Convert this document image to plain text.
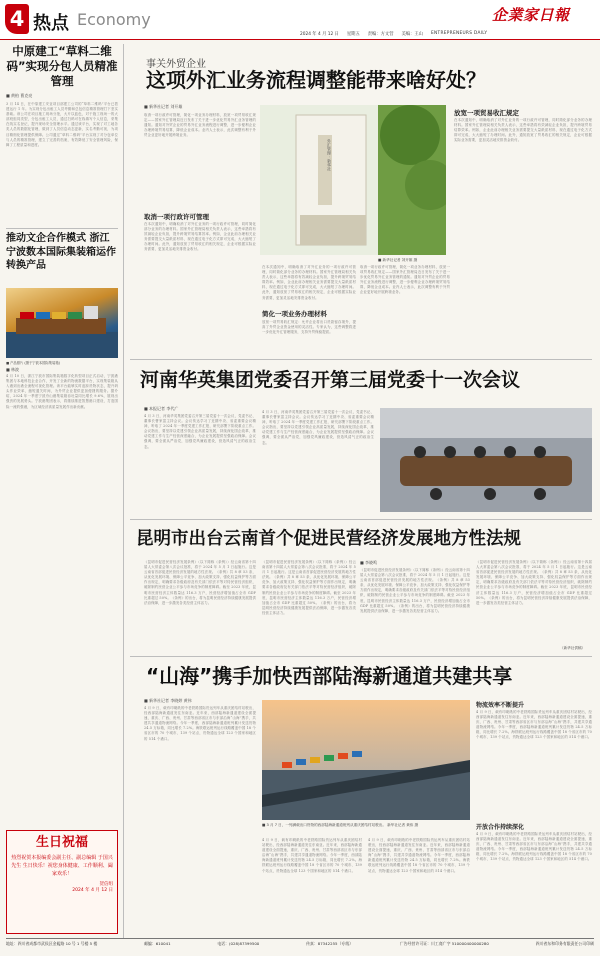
4 热点 Economy	企業家日報
2024 年 4 月 12 日 星期五 责编：方文营 美编：王山 ENTREPRENEURS DAILY
中原建工“草料二维码”实现分包人员精准管理
■ 黄柏 曹克亮
3 月 14 日，在中原建工安亚项目部建工公司的“草料二维码”平台已搭建运行 1 年。为实现分包出租工人员考勤和总包信息精准管理打下坚实基础。该公司在项目施工现场分批，大片以蓝色，对于施工现场一的大部班组同类型，分包出租工人员，通过扫码可在线填写个人信息，采集在线实名登记，提升现场安全管理水平。通过该平台，实现了对工地各类人员的数据化管理，做到了人员信息动态更新，实名考勤可视，为项目精细化管理提供保障。公司通过“草料二维码”平台实现了对分包单位与人员的精准管理，建立了完善的档案，有效降低了安全管理风险，保障了工程质量和进度。
推动文企合作模式 浙江宁波数本国际集装箱运作转换产品
■ 产品照片 (摄于宁波本国际集装箱)
■ 林波
4 月 10 日，浙江宁波市国际集装箱数字化转型项目正式启动，宁波港集团与本地科技企业合作，开发了全新的物流数据平台，实现集装箱从入港到出港全流程可视化管理。该平台能够实时追踪货物状态，提升码头作业效率，缩短通关时间，为外贸企业提供更加便捷的服务。据介绍，2024 年一季度宁波舟山港集装箱吞吐量同比增长 9.6%，展现出强劲的发展势头。宁波港集团表示，将继续推进智慧港口建设，打造国际一流的强港，为区域经济高质量发展作出新贡献。
生日祝福
热烈祝贺本报编委会副主任、副总编辑 于国兴 先生 生日快乐！祝您身体健康、工作顺利、阖家欢乐！
贺信组
2024 年 4 月 12 日
事关外贸企业
这项外汇业务流程调整能带来啥好处？
■ 新华社记者 刘开雄
取消一项行政许可管理，简化一项业务办理材料，放宽一项贸易收汇规定——国家外汇管理局近日发布了关于进一步优化贸易外汇业务管理的通知。通知对外贸企业的贸易外汇业务流程进行调整，进一步便利企业办理跨境贸易结算，降低企业成本。业内人士表示，此次调整有利于外贸企业更好地开展跨境业务。
取消一项行政许可管理
在本次通知中，明确取消了对外汇业务的一项行政许可管理，同时简化部分业务的办理材料。国家外汇管理局相关负责人表示，这些举措将有效减轻企业负担，提升跨境贸易结算效率。例如，企业此前办理相关业务需要提交大量纸质材料，现在通过电子化方式即可完成，大大缩短了办理时间。此外，通知放宽了贸易收汇的相关规定，企业可根据实际业务需要，更加灵活地安排资金收付。
外汇管理 · 新华社
■ 新华社记者 刘开雄 摄
在本次通知中，明确取消了对外汇业务的一项行政许可管理，同时简化部分业务的办理材料。国家外汇管理局相关负责人表示，这些举措将有效减轻企业负担，提升跨境贸易结算效率。例如，企业此前办理相关业务需要提交大量纸质材料，现在通过电子化方式即可完成，大大缩短了办理时间。此外，通知放宽了贸易收汇的相关规定，企业可根据实际业务需要，更加灵活地安排资金收付。
简化一项业务办理材料
放宽一项贸易收汇规定：允许企业将出口货款留存境外，提高了外贸企业资金使用的灵活性。专家认为，这些调整将进一步优化外汇管理服务，支持外贸保稳提质。
取消一项行政许可管理，简化一项业务办理材料，放宽一项贸易收汇规定——国家外汇管理局近日发布了关于进一步优化贸易外汇业务管理的通知。通知对外贸企业的贸易外汇业务流程进行调整，进一步便利企业办理跨境贸易结算，降低企业成本。业内人士表示，此次调整有利于外贸企业更好地开展跨境业务。
放宽一项贸易收汇规定
在本次通知中，明确取消了对外汇业务的一项行政许可管理，同时简化部分业务的办理材料。国家外汇管理局相关负责人表示，这些举措将有效减轻企业负担，提升跨境贸易结算效率。例如，企业此前办理相关业务需要提交大量纸质材料，现在通过电子化方式即可完成，大大缩短了办理时间。此外，通知放宽了贸易收汇的相关规定，企业可根据实际业务需要，更加灵活地安排资金收付。
河南华英集团党委召开第三届党委十一次会议
■ 本报记者 李代广
4 月 3 日，河南华英集团党委召开第三届党委十一次会议，党委书记、董事长曹家富主持会议。会议传达学习了近期中央、省委重要会议精神，听取了 2024 年一季度党建工作汇报，研究部署下阶段重点工作。会议指出，要坚持以党建引领企业高质量发展，持续深化国企改革，推动党建工作与生产经营深度融合，为企业发展提供坚强政治保障。会议强调，要全面从严治党，加强党风廉政建设，营造风清气正的政治生态。
4 月 3 日，河南华英集团党委召开第三届党委十一次会议，党委书记、董事长曹家富主持会议。会议传达学习了近期中央、省委重要会议精神，听取了 2024 年一季度党建工作汇报，研究部署下阶段重点工作。会议指出，要坚持以党建引领企业高质量发展，持续深化国企改革，推动党建工作与生产经营深度融合，为企业发展提供坚强政治保障。会议强调，要全面从严治党，加强党风廉政建设，营造风清气正的政治生态。
昆明市出台云南首个促进民营经济发展地方性法规
《昆明市促进民营经济发展条例》（以下简称《条例》）经云南省第十四届人大常委会第八次会议批准，将于 2024 年 5 月 1 日起施行。这是云南省首部促进民营经济发展的地方性法规。《条例》共 8 章 53 条，从优化发展环境、保障公平竞争、加大政策支持、强化权益保护等方面作出规定，明确要求各级政府及有关部门依法平等对待民营经济组织，破除制约民营企业公平参与市场竞争的制度障碍。截至 2023 年底，昆明市民营经济主体数量达 116.3 万户，民营经济增加值占全市 GDP 比重超过 50%。《条例》的出台，将为昆明民营经济持续健康发展提供法治保障，进一步激发各类经营主体活力。
《昆明市促进民营经济发展条例》（以下简称《条例》）经云南省第十四届人大常委会第八次会议批准，将于 2024 年 5 月 1 日起施行。这是云南省首部促进民营经济发展的地方性法规。《条例》共 8 章 53 条，从优化发展环境、保障公平竞争、加大政策支持、强化权益保护等方面作出规定，明确要求各级政府及有关部门依法平等对待民营经济组织，破除制约民营企业公平参与市场竞争的制度障碍。截至 2023 年底，昆明市民营经济主体数量达 116.3 万户，民营经济增加值占全市 GDP 比重超过 50%。《条例》的出台，将为昆明民营经济持续健康发展提供法治保障，进一步激发各类经营主体活力。
■ 李晓鸣
《昆明市促进民营经济发展条例》（以下简称《条例》）经云南省第十四届人大常委会第八次会议批准，将于 2024 年 5 月 1 日起施行。这是云南省首部促进民营经济发展的地方性法规。《条例》共 8 章 53 条，从优化发展环境、保障公平竞争、加大政策支持、强化权益保护等方面作出规定，明确要求各级政府及有关部门依法平等对待民营经济组织，破除制约民营企业公平参与市场竞争的制度障碍。截至 2023 年底，昆明市民营经济主体数量达 116.3 万户，民营经济增加值占全市 GDP 比重超过 50%。《条例》的出台，将为昆明民营经济持续健康发展提供法治保障，进一步激发各类经营主体活力。
《昆明市促进民营经济发展条例》（以下简称《条例》）经云南省第十四届人大常委会第八次会议批准，将于 2024 年 5 月 1 日起施行。这是云南省首部促进民营经济发展的地方性法规。《条例》共 8 章 53 条，从优化发展环境、保障公平竞争、加大政策支持、强化权益保护等方面作出规定，明确要求各级政府及有关部门依法平等对待民营经济组织，破除制约民营企业公平参与市场竞争的制度障碍。截至 2023 年底，昆明市民营经济主体数量达 116.3 万户，民营经济增加值占全市 GDP 比重超过 50%。《条例》的出台，将为昆明民营经济持续健康发展提供法治保障，进一步激发各类经营主体活力。
（新华社供稿）
“山海”携手加快西部陆海新通道共建共享
■ 新华社记者 李晓婷 黄伟
4 月 9 日，载有印刷纸的中老铁路国际货运列车从重庆团结村站驶出，经西部陆海新通道发往东南亚。近年来，西部陆海新通道建设全面提速，重庆、广西、贵州、甘肃等西部省区市与东部沿海“山海”携手，共建共享通道物流网络。今年一季度，西部陆海新通道班列累计发送货物 24.5 万标箱，同比增长 7.2%。海铁联运班列运行线路覆盖中国 18 个省区市的 70 个城市、139 个站点，货物通达全球 123 个国家和地区的 514 个港口。
■ 3 月 7 日，一列满载出口货物的西部陆海新通道班列从重庆团结村站驶出。 新华社记者 黄伟 摄
4 月 9 日，载有印刷纸的中老铁路国际货运列车从重庆团结村站驶出，经西部陆海新通道发往东南亚。近年来，西部陆海新通道建设全面提速，重庆、广西、贵州、甘肃等西部省区市与东部沿海“山海”携手，共建共享通道物流网络。今年一季度，西部陆海新通道班列累计发送货物 24.5 万标箱，同比增长 7.2%。海铁联运班列运行线路覆盖中国 18 个省区市的 70 个城市、139 个站点，货物通达全球 123 个国家和地区的 514 个港口。
4 月 9 日，载有印刷纸的中老铁路国际货运列车从重庆团结村站驶出，经西部陆海新通道发往东南亚。近年来，西部陆海新通道建设全面提速，重庆、广西、贵州、甘肃等西部省区市与东部沿海“山海”携手，共建共享通道物流网络。今年一季度，西部陆海新通道班列累计发送货物 24.5 万标箱，同比增长 7.2%。海铁联运班列运行线路覆盖中国 18 个省区市的 70 个城市、139 个站点，货物通达全球 123 个国家和地区的 514 个港口。
物流效率不断提升
4 月 9 日，载有印刷纸的中老铁路国际货运列车从重庆团结村站驶出，经西部陆海新通道发往东南亚。近年来，西部陆海新通道建设全面提速，重庆、广西、贵州、甘肃等西部省区市与东部沿海“山海”携手，共建共享通道物流网络。今年一季度，西部陆海新通道班列累计发送货物 24.5 万标箱，同比增长 7.2%。海铁联运班列运行线路覆盖中国 18 个省区市的 70 个城市、139 个站点，货物通达全球 123 个国家和地区的 514 个港口。
开放合作持续深化
4 月 9 日，载有印刷纸的中老铁路国际货运列车从重庆团结村站驶出，经西部陆海新通道发往东南亚。近年来，西部陆海新通道建设全面提速，重庆、广西、贵州、甘肃等西部省区市与东部沿海“山海”携手，共建共享通道物流网络。今年一季度，西部陆海新通道班列累计发送货物 24.5 万标箱，同比增长 7.2%。海铁联运班列运行线路覆盖中国 18 个省区市的 70 个城市、139 个站点，货物通达全球 123 个国家和地区的 514 个港口。
地址：四川省成都市武侯区金履路 10 号 1 号楼 5 楼	邮编：610041	电话：(028)87399500	传真：87342255（专线）	广告经营许可证：川工商广字 510000400000280	四川省东和印务有限责任公司印刷
